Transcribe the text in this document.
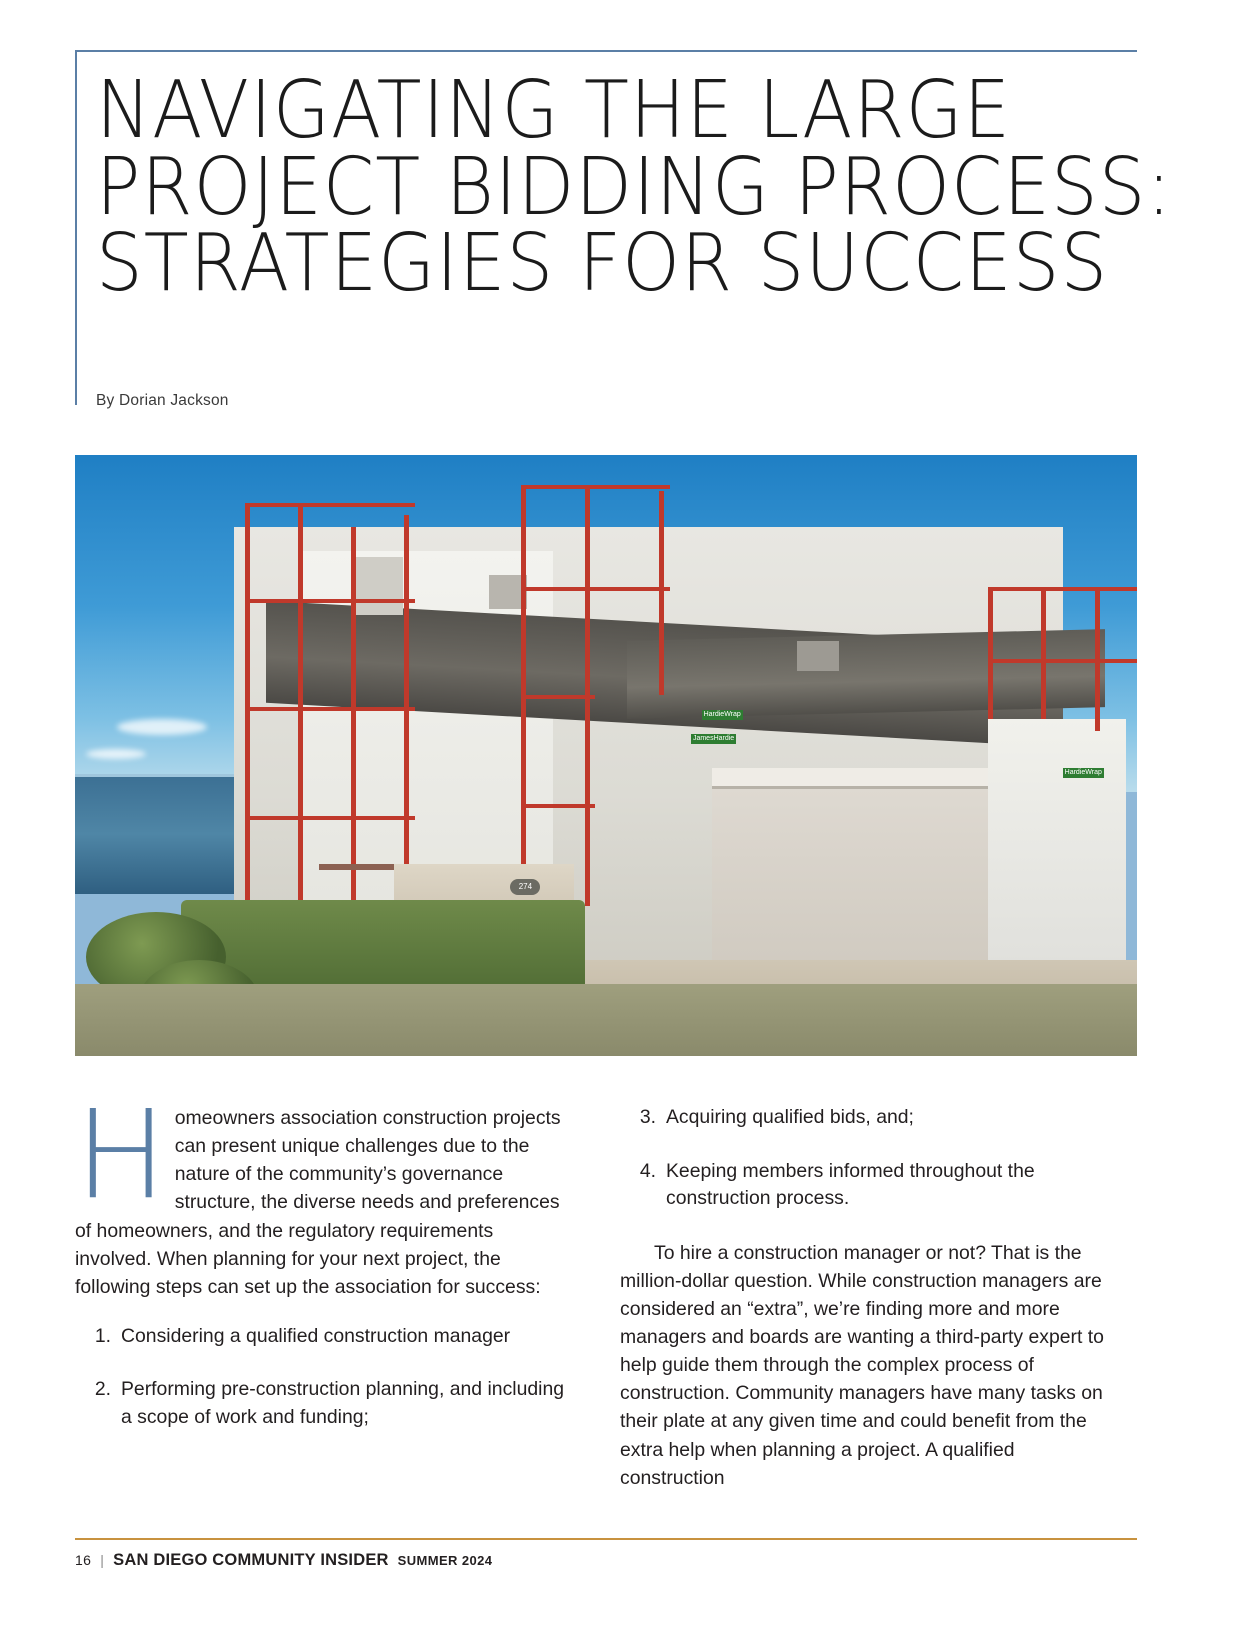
NAVIGATING THE LARGE
PROJECT BIDDING PROCESS:
STRATEGIES FOR SUCCESS
By Dorian Jackson
HardieWrap
JamesHardie
HardieWrap
274
H omeowners association construction projects can present unique challenges due to the nature of the community’s governance structure, the diverse needs and preferences of homeowners, and the regulatory requirements involved. When planning for your next project, the following steps can set up the association for success:

Considering a qualified construction manager
Performing pre-construction planning, and including a scope of work and funding;
Acquiring qualified bids, and;
Keeping members informed throughout the construction process.

To hire a construction manager or not? That is the million-dollar question. While construction managers are considered an “extra”, we’re finding more and more managers and boards are wanting a third-party expert to help guide them through the complex process of construction. Community managers have many tasks on their plate at any given time and could benefit from the extra help when planning a project. A qualified construction

16 | SAN DIEGO COMMUNITY INSIDER SUMMER 2024
